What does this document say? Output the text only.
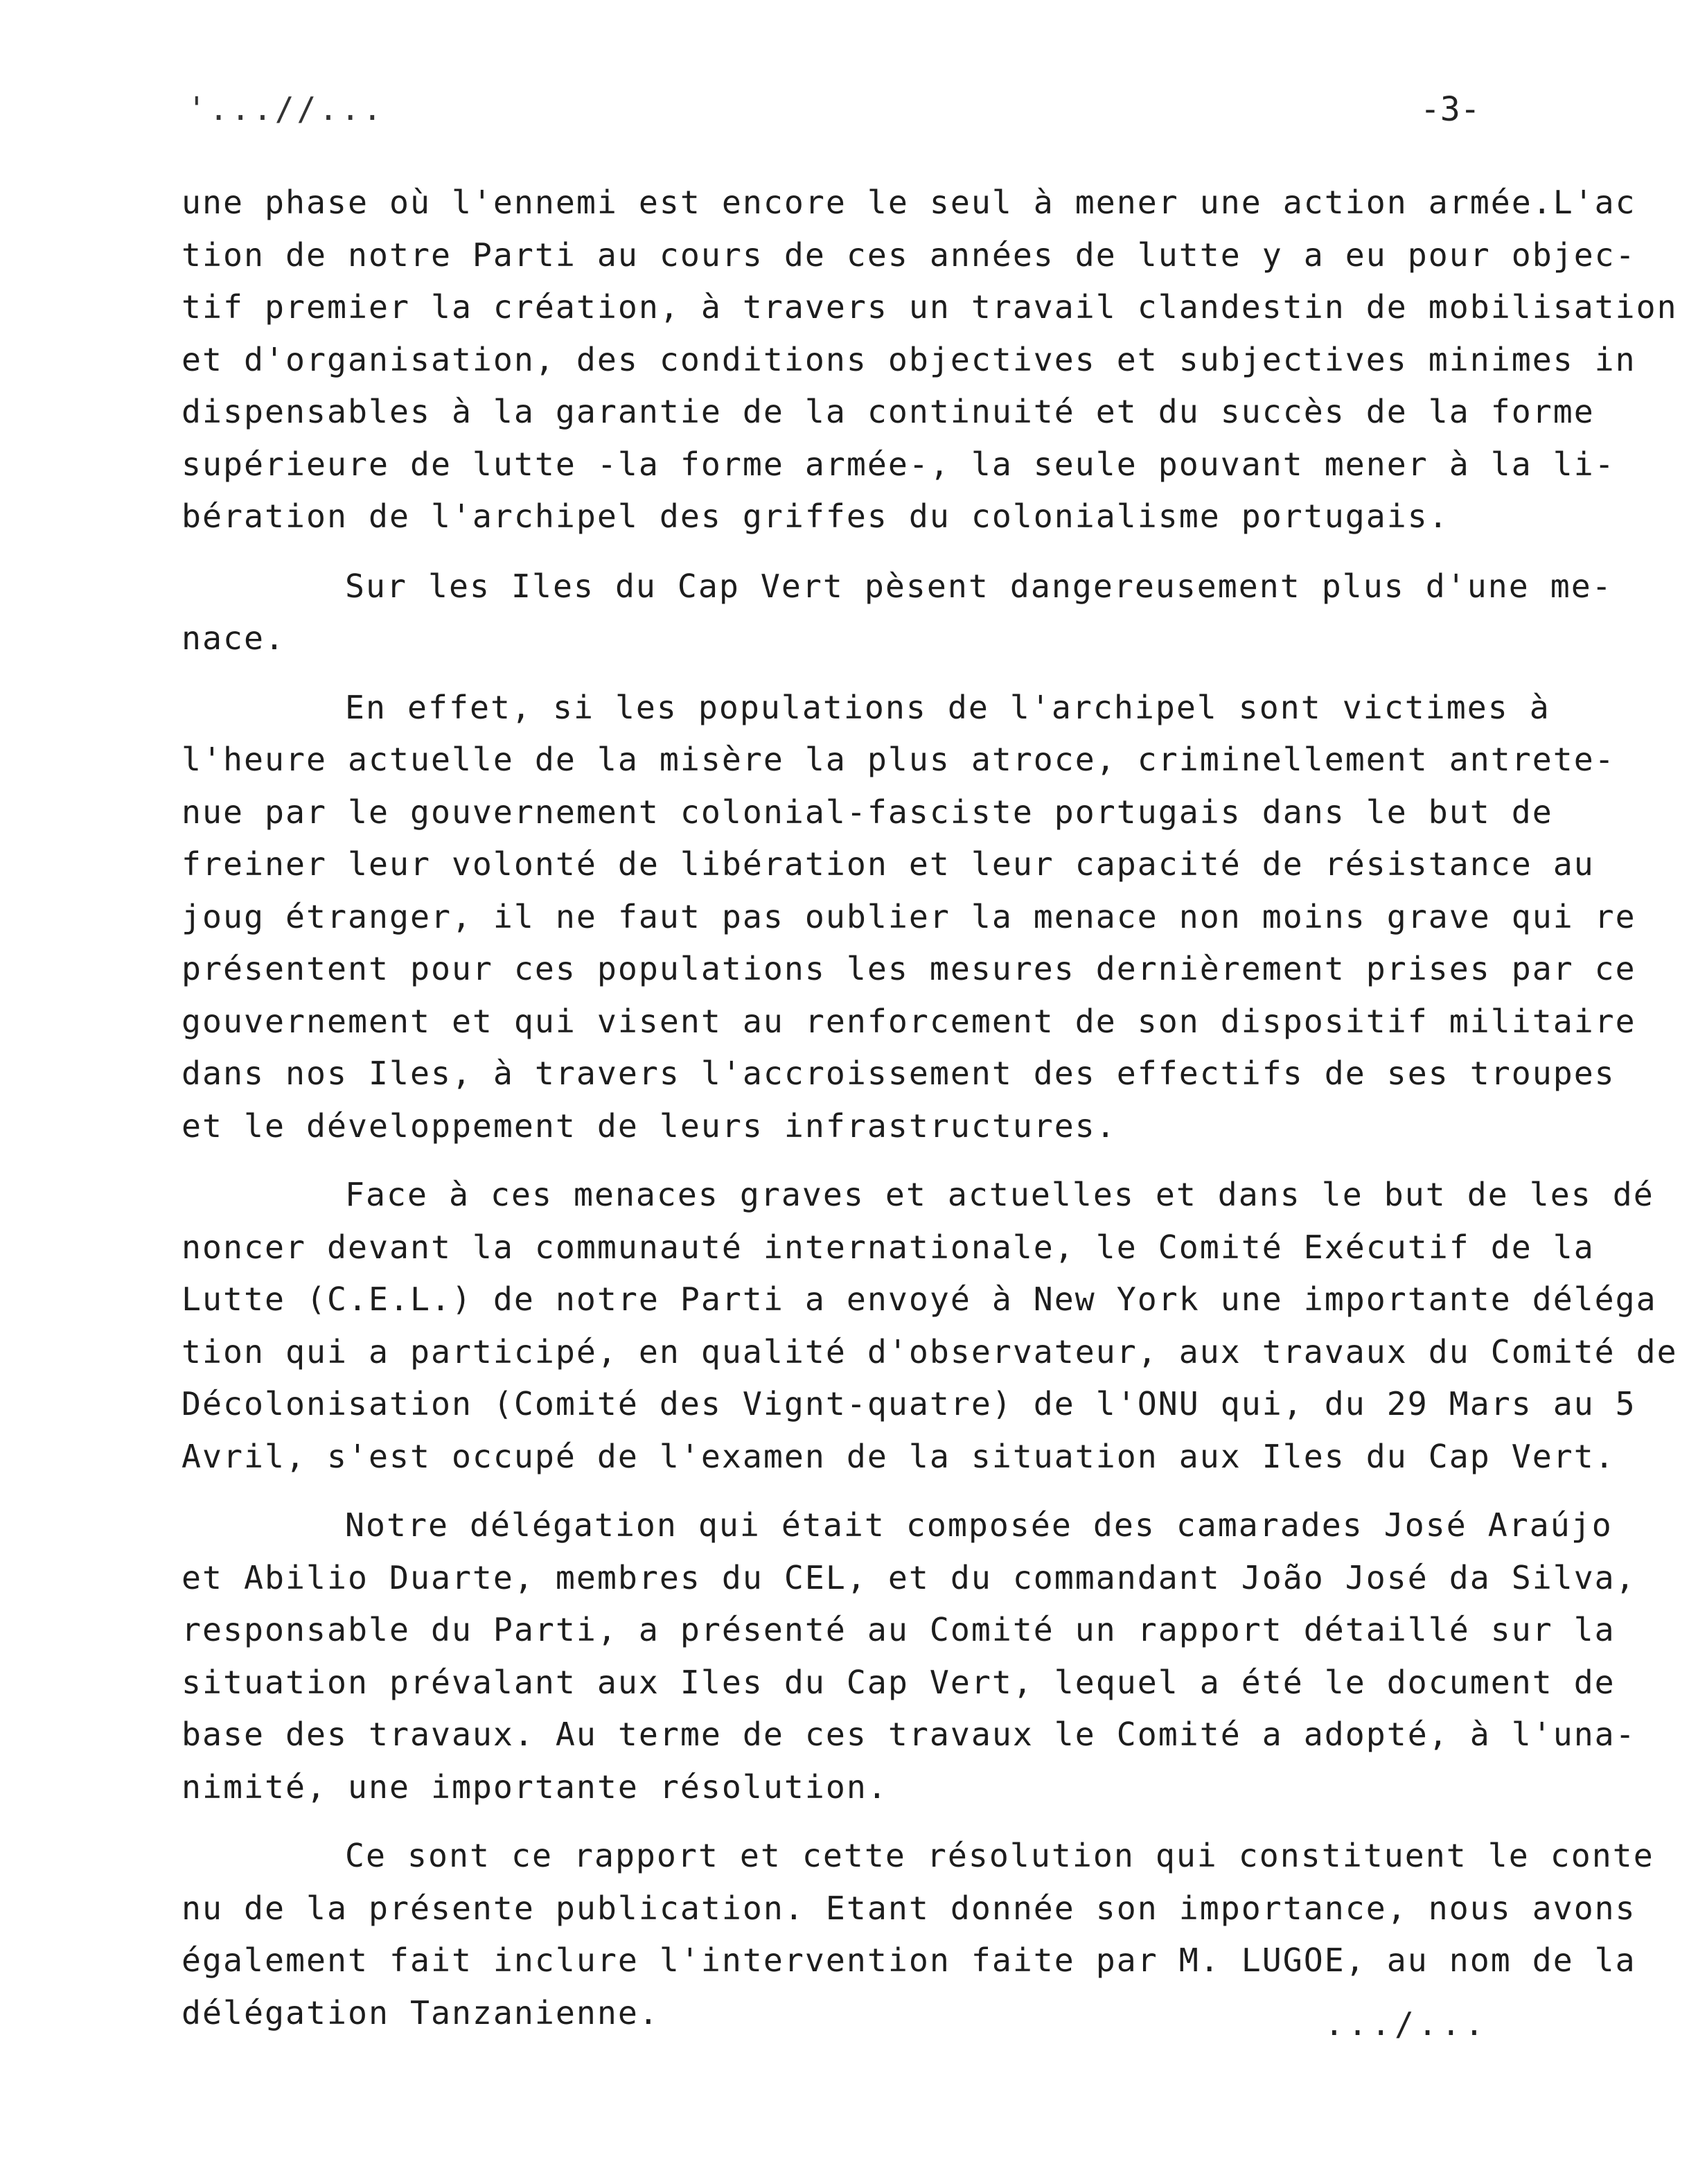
'...//...	-3-
une phase où l'ennemi est encore le seul à mener une action armée.L'ac
tion de notre Parti au cours de ces années de lutte y a eu pour objec-
tif premier la création, à travers un travail clandestin de mobilisation
et d'organisation, des conditions objectives et subjectives minimes in
dispensables à la garantie de la continuité et du succès de la forme
supérieure de lutte -la forme armée-, la seule pouvant mener à la li-
bération de l'archipel des griffes du colonialisme portugais.
Sur les Iles du Cap Vert pèsent dangereusement plus d'une me-
nace.
En effet, si les populations de l'archipel sont victimes à
l'heure actuelle de la misère la plus atroce, criminellement antrete-
nue par le gouvernement colonial-fasciste portugais dans le but de
freiner leur volonté de libération et leur capacité de résistance au
joug étranger, il ne faut pas oublier la menace non moins grave qui re
présentent pour ces populations les mesures dernièrement prises par ce
gouvernement et qui visent au renforcement de son dispositif militaire
dans nos Iles, à travers l'accroissement des effectifs de ses troupes
et le développement de leurs infrastructures.
Face à ces menaces graves et actuelles et dans le but de les dé
noncer devant la communauté internationale, le Comité Exécutif de la
Lutte (C.E.L.) de notre Parti a envoyé à New York une importante déléga
tion qui a participé, en qualité d'observateur, aux travaux du Comité de
Décolonisation (Comité des Vignt-quatre) de l'ONU qui, du 29 Mars au 5
Avril, s'est occupé de l'examen de la situation aux Iles du Cap Vert.
Notre délégation qui était composée des camarades José Araújo
et Abilio Duarte, membres du CEL, et du commandant João José da Silva,
responsable du Parti, a présenté au Comité un rapport détaillé sur la
situation prévalant aux Iles du Cap Vert, lequel a été le document de
base des travaux. Au terme de ces travaux le Comité a adopté, à l'una-
nimité, une importante résolution.
Ce sont ce rapport et cette résolution qui constituent le conte
nu de la présente publication. Etant donnée son importance, nous avons
également fait inclure l'intervention faite par M. LUGOE, au nom de la
délégation Tanzanienne.	.../...
